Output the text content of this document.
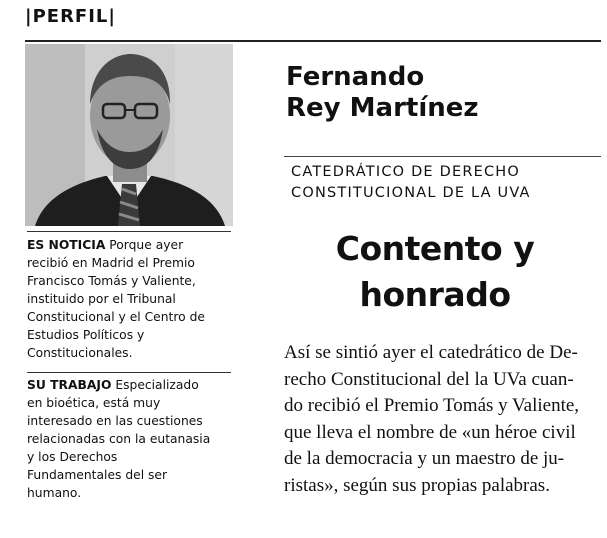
|PERFIL|
ES NOTICIA Porque ayer
recibió en Madrid el Premio
Francisco Tomás y Valiente,
instituido por el Tribunal
Constitucional y el Centro de
Estudios Políticos y
Constitucionales.
SU TRABAJO Especializado
en bioética, está muy
interesado en las cuestiones
relacionadas con la eutanasia
y los Derechos
Fundamentales del ser
humano.
Fernando
Rey Martínez
CATEDRÁTICO DE DERECHO
CONSTITUCIONAL DE LA UVA
Contento y
honrado
Así se sintió ayer el catedrático de De-
recho Constitucional del la UVa cuan-
do recibió el Premio Tomás y Valiente,
que lleva el nombre de «un héroe civil
de la democracia y un maestro de ju-
ristas», según sus propias palabras.
